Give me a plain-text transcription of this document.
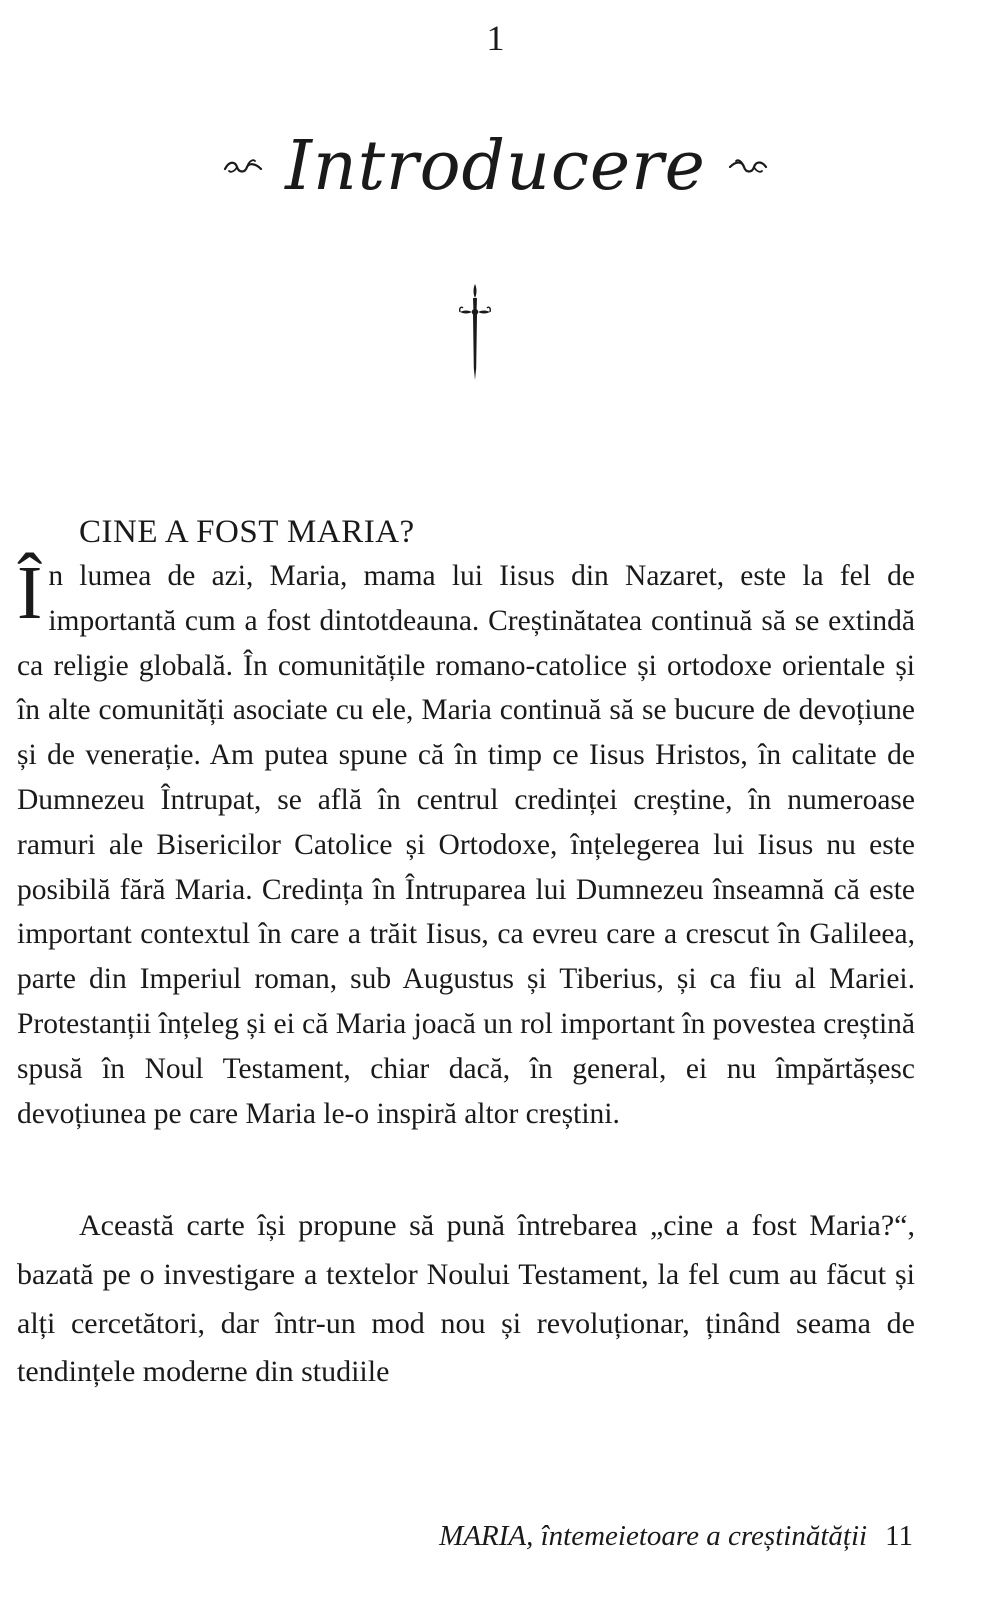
1
Introducere
CINE A FOST MARIA?

În lumea de azi, Maria, mama lui Iisus din Nazaret, este la fel de importantă cum a fost dintotdeauna. Creștinătatea continuă să se extindă ca religie globală. În comunitățile romano-catolice și ortodoxe orientale și în alte comunități asociate cu ele, Maria continuă să se bucure de devoțiune și de venerație. Am putea spune că în timp ce Iisus Hristos, în calitate de Dumnezeu Întrupat, se află în centrul credinței creștine, în numeroase ramuri ale Bisericilor Catolice și Ortodoxe, înțelegerea lui Iisus nu este posibilă fără Maria. Credința în Întruparea lui Dumnezeu înseamnă că este important contextul în care a trăit Iisus, ca evreu care a crescut în Galileea, parte din Imperiul roman, sub Augustus și Tiberius, și ca fiu al Mariei. Protestanții înțeleg și ei că Maria joacă un rol important în povestea creștină spusă în Noul Testament, chiar dacă, în general, ei nu împărtășesc devoțiunea pe care Maria le-o inspiră altor creștini.

Această carte își propune să pună întrebarea „cine a fost Maria?“, bazată pe o investigare a textelor Noului Testament, la fel cum au făcut și alți cercetători, dar într-un mod nou și revoluționar, ținând seama de tendințele moderne din studiile

MARIA, întemeietoare a creștinătății 11
